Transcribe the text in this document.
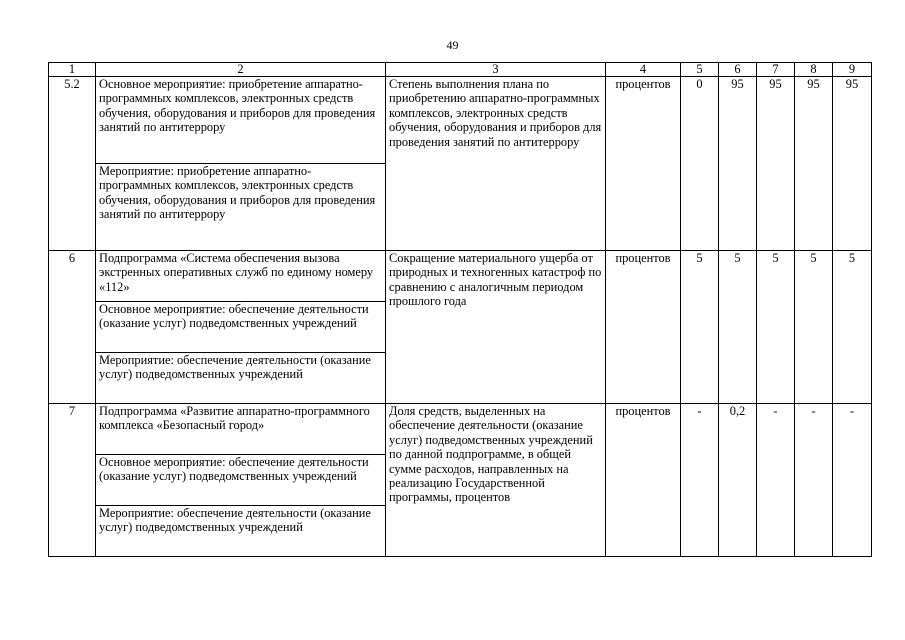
49
1	2	3	4	5	6	7	8	9
5.2	Основное мероприятие: приобретение аппаратно-программных комплексов, электронных средств обучения, оборудования и приборов для проведения занятий по антитеррору	Степень выполнения плана по приобретению аппаратно-программных комплексов, электронных средств обучения, оборудования и приборов для проведения занятий по антитеррору	процентов	0	95	95	95	95
	Мероприятие: приобретение аппаратно-программных комплексов, электронных средств обучения, оборудования и приборов для проведения занятий по антитеррору							
6	Подпрограмма «Система обеспечения вызова экстренных оперативных служб по единому номеру «112»	Сокращение материального ущерба от природных и техногенных катастроф по сравнению с аналогичным периодом прошлого года	процентов	5	5	5	5	5
	Основное мероприятие: обеспечение деятельности (оказание услуг) подведомственных учреждений							
	Мероприятие: обеспечение деятельности (оказание услуг) подведомственных учреждений							
7	Подпрограмма «Развитие аппаратно-программного комплекса «Безопасный город»	Доля средств, выделенных на обеспечение деятельности (оказание услуг) подведомственных учреждений по данной подпрограмме, в общей сумме расходов, направленных на реализацию Государственной программы, процентов	процентов	-	0,2	-	-	-
	Основное мероприятие: обеспечение деятельности (оказание услуг) подведомственных учреждений							
	Мероприятие: обеспечение деятельности (оказание услуг) подведомственных учреждений							
